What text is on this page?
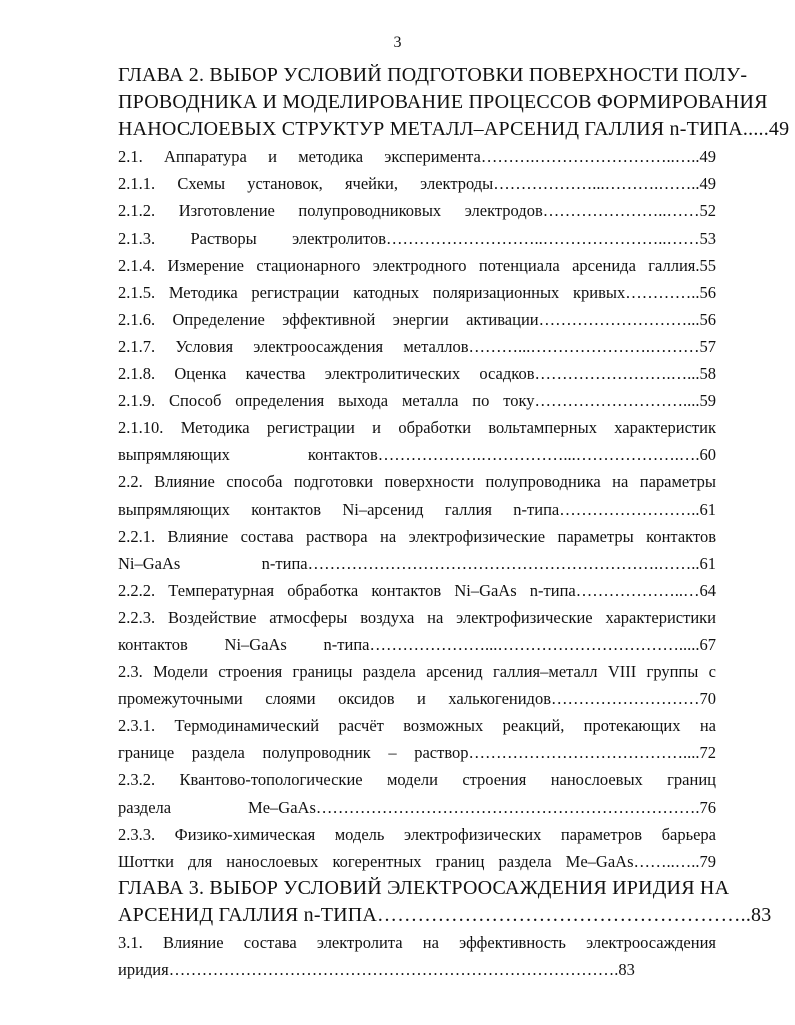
3
ГЛАВА 2. ВЫБОР УСЛОВИЙ ПОДГОТОВКИ ПОВЕРХНОСТИ ПОЛУ-
ПРОВОДНИКА И МОДЕЛИРОВАНИЕ ПРОЦЕССОВ ФОРМИРОВАНИЯ
НАНОСЛОЕВЫХ СТРУКТУР МЕТАЛЛ–АРСЕНИД ГАЛЛИЯ n-ТИПА.....49
2.1. Аппаратура и методика эксперимента……….……………………..…..49
2.1.1. Схемы установок, ячейки, электроды………………...……….……..49
2.1.2. Изготовление полупроводниковых электродов…………………..……52
2.1.3. Растворы электролитов………………………..…………………..……53
2.1.4. Измерение стационарного электродного потенциала арсенида галлия.55
2.1.5. Методика регистрации катодных поляризационных кривых…………..56
2.1.6. Определение эффективной энергии активации………………………...56
2.1.7. Условия электроосаждения металлов………...………………….………57
2.1.8. Оценка качества электролитических осадков…………………….…...58
2.1.9. Способ определения выхода металла по току………………………....59
2.1.10. Методика регистрации и обработки вольтамперных характеристик
выпрямляющих контактов……………….……………...……………….….60
2.2. Влияние способа подготовки поверхности полупроводника на параметры
выпрямляющих контактов Ni–арсенид галлия n-типа……………………..61
2.2.1. Влияние состава раствора на электрофизические параметры контактов
Ni–GaAs n-типа……………………………………………………….……..61
2.2.2. Температурная обработка контактов Ni–GaAs n-типа………………..…64
2.2.3. Воздействие атмосферы воздуха на электрофизические характеристики
контактов Ni–GaAs n-типа…………………...…………………………….....67
2.3. Модели строения границы раздела арсенид галлия–металл VIII группы с
промежуточными слоями оксидов и халькогенидов………………………70
2.3.1. Термодинамический расчёт возможных реакций, протекающих на
границе раздела полупроводник – раствор…………………………………....72
2.3.2. Квантово-топологические модели строения нанослоевых границ
раздела Me–GaAs…………………………………………………………….76
2.3.3. Физико-химическая модель электрофизических параметров барьера
Шоттки для нанослоевых когерентных границ раздела Me–GaAs……..…..79
ГЛАВА 3. ВЫБОР УСЛОВИЙ ЭЛЕКТРООСАЖДЕНИЯ ИРИДИЯ НА
АРСЕНИД ГАЛЛИЯ n-ТИПА………………………………………………..83
3.1. Влияние состава электролита на эффективность электроосаждения
иридия……………………………………………………………………….83
